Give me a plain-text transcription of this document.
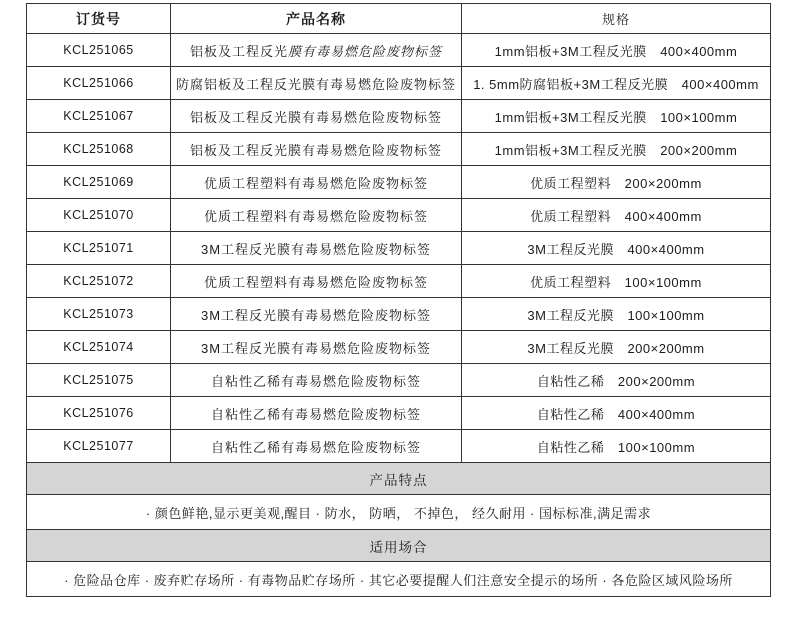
订货号	产品名称	规格
KCL251065	铝板及工程反光膜有毒易燃危险废物标签	1mm铝板+3M工程反光膜　400×400mm
KCL251066	防腐铝板及工程反光膜有毒易燃危险废物标签	1. 5mm防腐铝板+3M工程反光膜　400×400mm
KCL251067	铝板及工程反光膜有毒易燃危险废物标签	1mm铝板+3M工程反光膜　100×100mm
KCL251068	铝板及工程反光膜有毒易燃危险废物标签	1mm铝板+3M工程反光膜　200×200mm
KCL251069	优质工程塑料有毒易燃危险废物标签	优质工程塑料　200×200mm
KCL251070	优质工程塑料有毒易燃危险废物标签	优质工程塑料　400×400mm
KCL251071	3M工程反光膜有毒易燃危险废物标签	3M工程反光膜　400×400mm
KCL251072	优质工程塑料有毒易燃危险废物标签	优质工程塑料　100×100mm
KCL251073	3M工程反光膜有毒易燃危险废物标签	3M工程反光膜　100×100mm
KCL251074	3M工程反光膜有毒易燃危险废物标签	3M工程反光膜　200×200mm
KCL251075	自粘性乙稀有毒易燃危险废物标签	自粘性乙稀　200×200mm
KCL251076	自粘性乙稀有毒易燃危险废物标签	自粘性乙稀　400×400mm
KCL251077	自粘性乙稀有毒易燃危险废物标签	自粘性乙稀　100×100mm
产品特点		
· 颜色鲜艳,显示更美观,醒目 · 防水， 防晒， 不掉色， 经久耐用 · 国标标准,满足需求		
适用场合		
· 危险品仓库 · 废弃贮存场所 · 有毒物品贮存场所 · 其它必要提醒人们注意安全提示的场所 · 各危险区域风险场所		
